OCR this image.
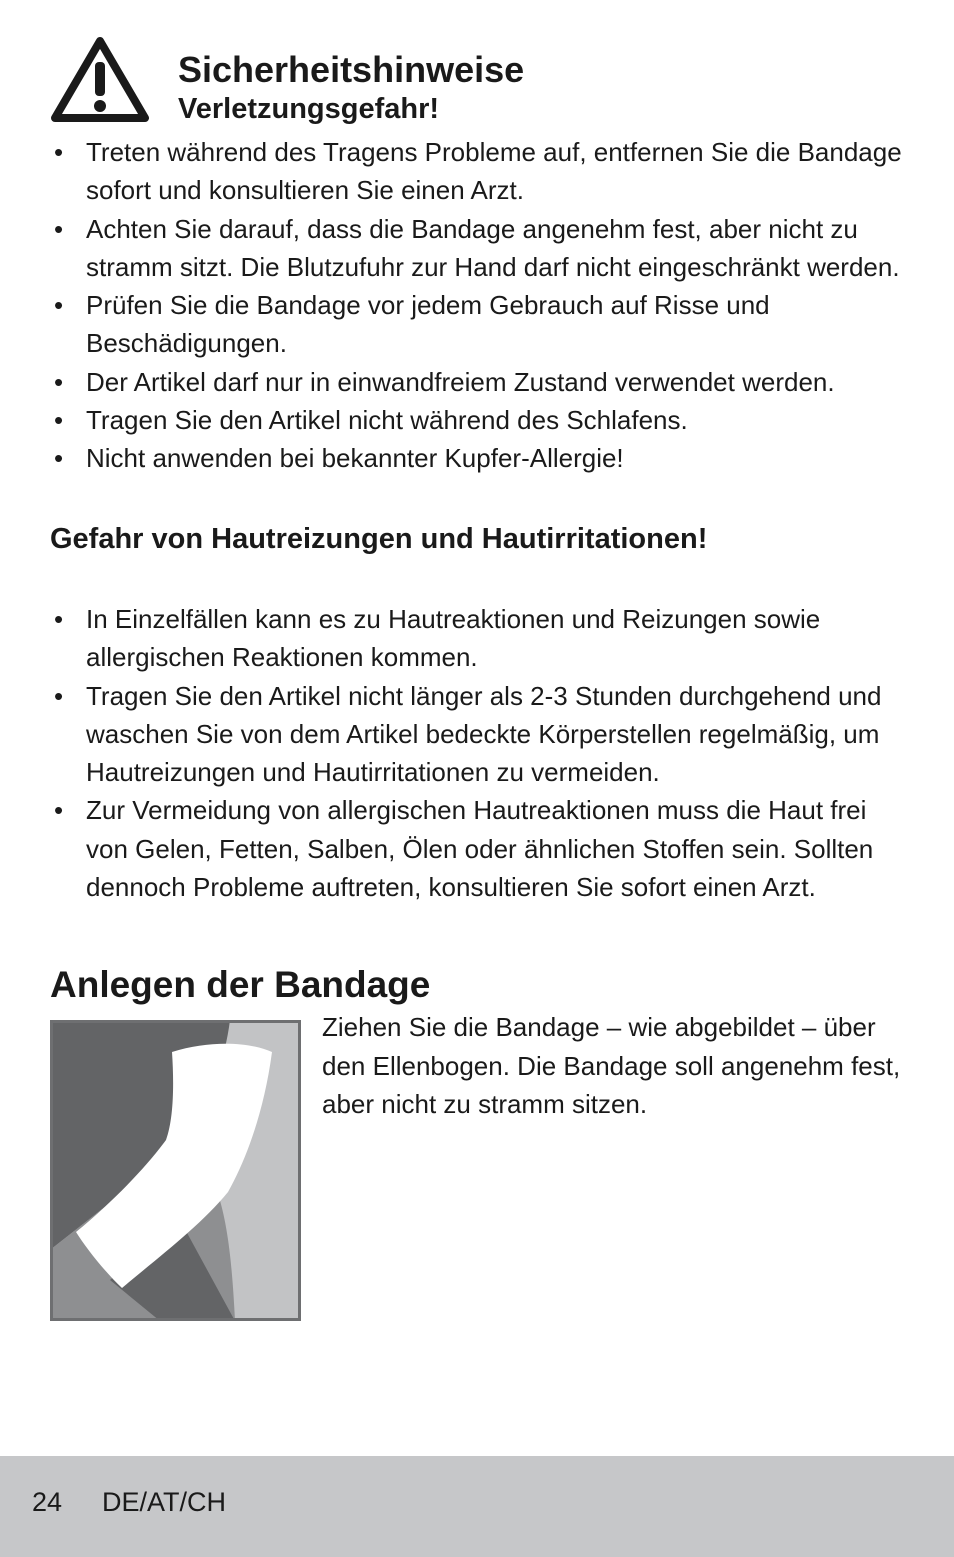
Sicherheitshinweise
Verletzungsgefahr!
• Treten während des Tragens Probleme auf, entfernen Sie die Bandage sofort und konsultieren Sie einen Arzt.
• Achten Sie darauf, dass die Bandage angenehm fest, aber nicht zu stramm sitzt. Die Blutzufuhr zur Hand darf nicht eingeschränkt werden.
• Prüfen Sie die Bandage vor jedem Gebrauch auf Risse und Beschädigungen.
• Der Artikel darf nur in einwandfreiem Zustand verwendet werden.
• Tragen Sie den Artikel nicht während des Schlafens.
• Nicht anwenden bei bekannter Kupfer-Allergie!
Gefahr von Hautreizungen und Hautirritationen!
• In Einzelfällen kann es zu Hautreaktionen und Reizungen sowie allergischen Reaktionen kommen.
• Tragen Sie den Artikel nicht länger als 2-3 Stunden durchgehend und waschen Sie von dem Artikel bedeckte Körperstellen regelmäßig, um Hautreizungen und Hautirritationen zu vermeiden.
• Zur Vermeidung von allergischen Hautreaktionen muss die Haut frei von Gelen, Fetten, Salben, Ölen oder ähnlichen Stoffen sein. Sollten dennoch Probleme auftreten, konsultieren Sie sofort einen Arzt.
Anlegen der Bandage

Ziehen Sie die Bandage – wie abgebildet – über den Ellenbogen. Die Bandage soll angenehm fest, aber nicht zu stramm sitzen.

24 DE/AT/CH
